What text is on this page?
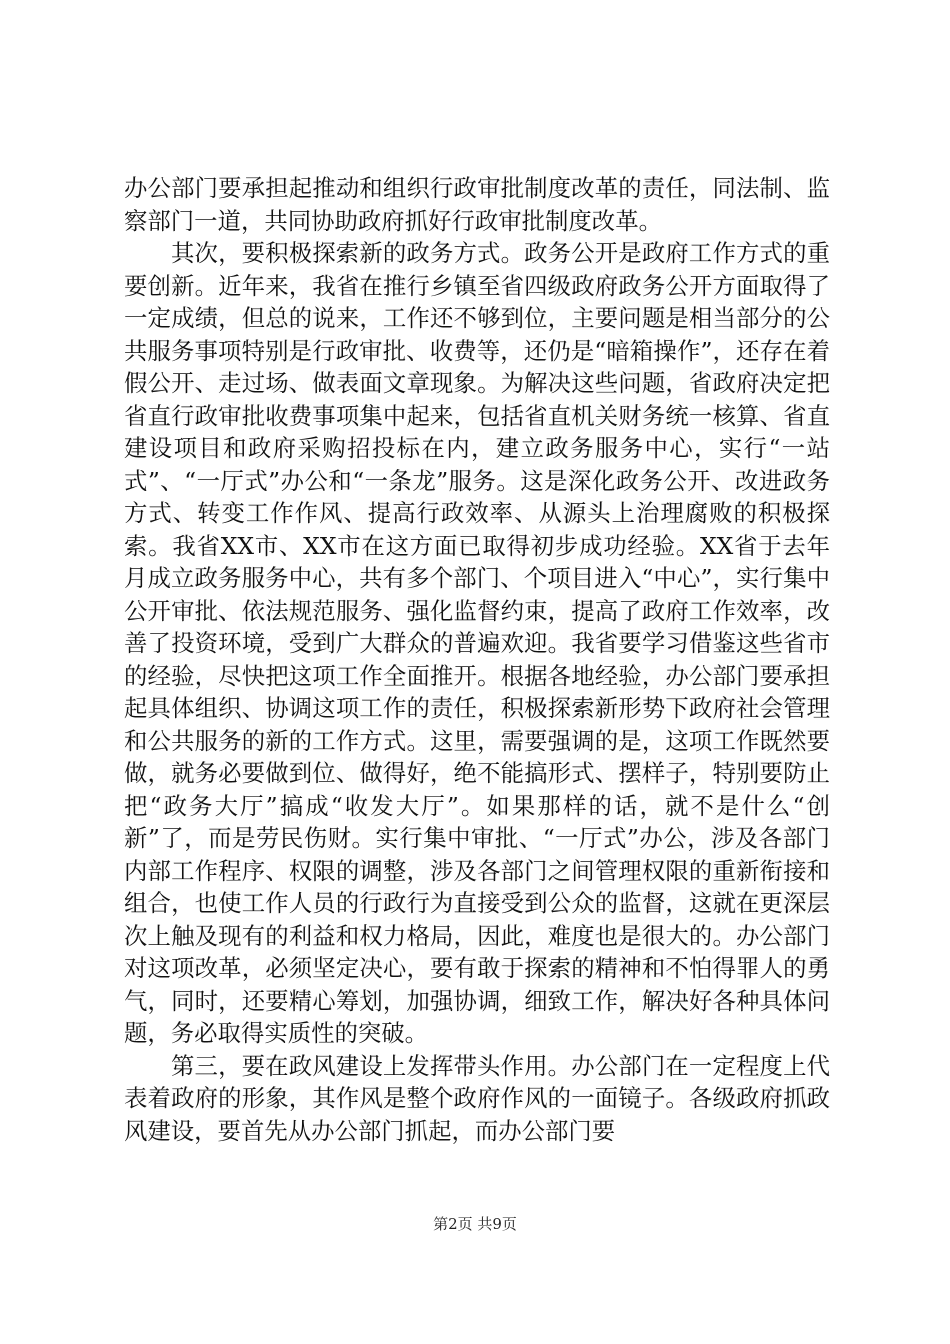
办公部门要承担起推动和组织行政审批制度改革的责任，同法制、监察部门一道，共同协助政府抓好行政审批制度改革。

其次，要积极探索新的政务方式。政务公开是政府工作方式的重要创新。近年来，我省在推行乡镇至省四级政府政务公开方面取得了一定成绩，但总的说来，工作还不够到位，主要问题是相当部分的公共服务事项特别是行政审批、收费等，还仍是“暗箱操作”，还存在着假公开、走过场、做表面文章现象。为解决这些问题，省政府决定把省直行政审批收费事项集中起来，包括省直机关财务统一核算、省直建设项目和政府采购招投标在内，建立政务服务中心，实行“一站式”、“一厅式”办公和“一条龙”服务。这是深化政务公开、改进政务方式、转变工作作风、提高行政效率、从源头上治理腐败的积极探索。我省XX市、XX市在这方面已取得初步成功经验。XX省于去年月成立政务服务中心，共有多个部门、个项目进入“中心”，实行集中公开审批、依法规范服务、强化监督约束，提高了政府工作效率，改善了投资环境，受到广大群众的普遍欢迎。我省要学习借鉴这些省市的经验，尽快把这项工作全面推开。根据各地经验，办公部门要承担起具体组织、协调这项工作的责任，积极探索新形势下政府社会管理和公共服务的新的工作方式。这里，需要强调的是，这项工作既然要做，就务必要做到位、做得好，绝不能搞形式、摆样子，特别要防止把“政务大厅”搞成“收发大厅”。如果那样的话，就不是什么“创新”了，而是劳民伤财。实行集中审批、“一厅式”办公，涉及各部门内部工作程序、权限的调整，涉及各部门之间管理权限的重新衔接和组合，也使工作人员的行政行为直接受到公众的监督，这就在更深层次上触及现有的利益和权力格局，因此，难度也是很大的。办公部门对这项改革，必须坚定决心，要有敢于探索的精神和不怕得罪人的勇气，同时，还要精心筹划，加强协调，细致工作，解决好各种具体问题，务必取得实质性的突破。

第三，要在政风建设上发挥带头作用。办公部门在一定程度上代表着政府的形象，其作风是整个政府作风的一面镜子。各级政府抓政风建设，要首先从办公部门抓起，而办公部门要

第2页 共9页
